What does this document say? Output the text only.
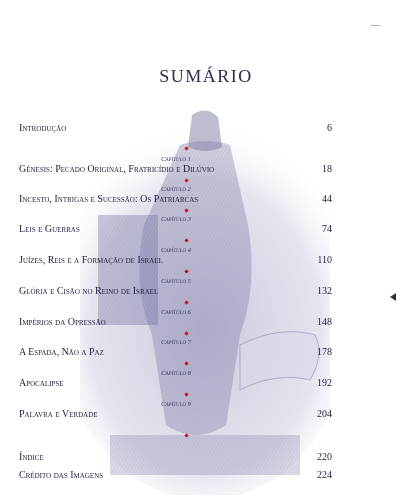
—
SUMÁRIO
Introdução	6
Capítulo 1
Gênesis: Pecado Original, Fratricídio e Dilúvio	18
Capítulo 2
Incesto, Intrigas e Sucessão: Os Patriarcas	44
Capítulo 3
Leis e Guerras	74
Capítulo 4
Juízes, Reis e a Formação de Israel	110
Capítulo 5
Glória e Cisão no Reino de Israel	132
Capítulo 6
Impérios da Opressão	148
Capítulo 7
A Espada, Não a Paz	178
Capítulo 8
Apocalipse	192
Capítulo 9
Palavra e Verdade	204
Índice	220
Crédito das Imagens	224
